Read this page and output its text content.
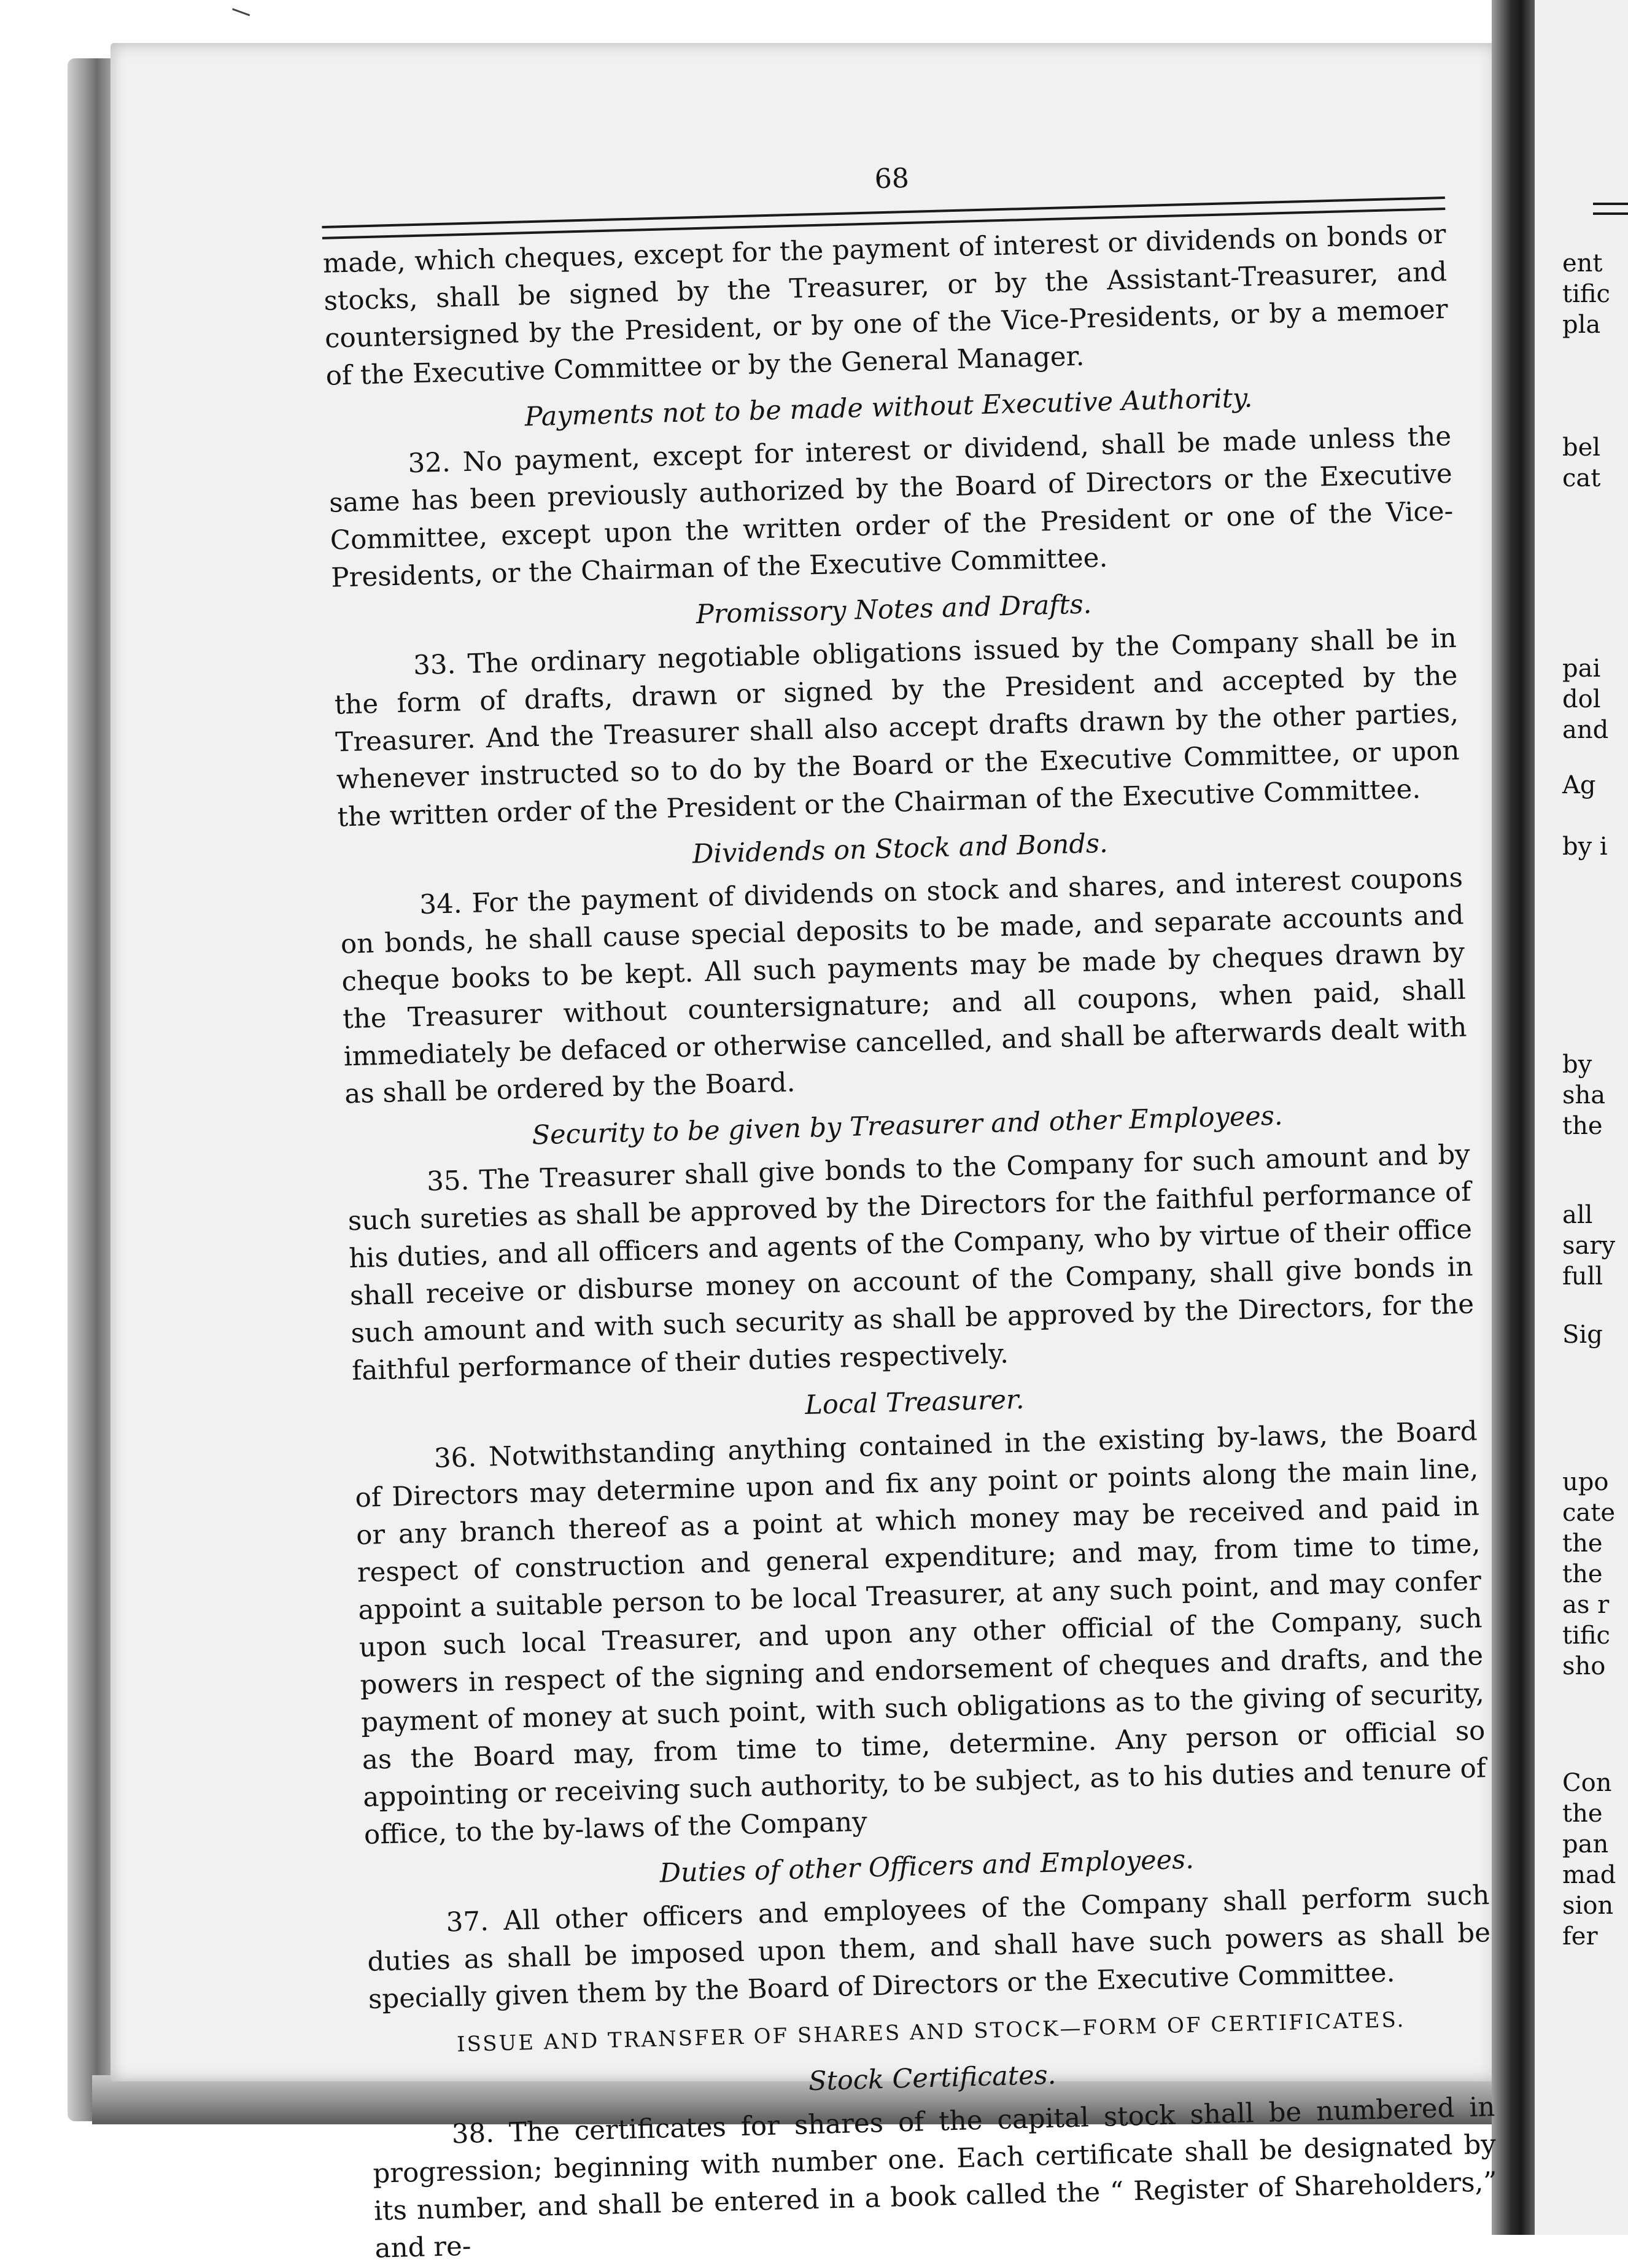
68

made, which cheques, except for the payment of interest or dividends on bonds or stocks, shall be signed by the Treasurer, or by the Assistant-Treasurer, and countersigned by the President, or by one of the Vice-Presidents, or by a memoer of the Executive Committee or by the General Manager.

Payments not to be made without Executive Authority.

32. No payment, except for interest or dividend, shall be made unless the same has been previously authorized by the Board of Directors or the Executive Committee, except upon the written order of the President or one of the Vice-Presidents, or the Chairman of the Executive Committee.

Promissory Notes and Drafts.

33. The ordinary negotiable obligations issued by the Company shall be in the form of drafts, drawn or signed by the President and accepted by the Treasurer. And the Treasurer shall also accept drafts drawn by the other parties, whenever instructed so to do by the Board or the Executive Committee, or upon the written order of the President or the Chairman of the Executive Committee.

Dividends on Stock and Bonds.

34. For the payment of dividends on stock and shares, and interest coupons on bonds, he shall cause special deposits to be made, and separate accounts and cheque books to be kept. All such payments may be made by cheques drawn by the Treasurer without countersignature; and all coupons, when paid, shall immediately be defaced or otherwise cancelled, and shall be afterwards dealt with as shall be ordered by the Board.

Security to be given by Treasurer and other Employees.

35. The Treasurer shall give bonds to the Company for such amount and by such sureties as shall be approved by the Directors for the faithful performance of his duties, and all officers and agents of the Company, who by virtue of their office shall receive or disburse money on account of the Company, shall give bonds in such amount and with such security as shall be approved by the Directors, for the faithful performance of their duties respectively.

Local Treasurer.

36. Notwithstanding anything contained in the existing by-laws, the Board of Directors may determine upon and fix any point or points along the main line, or any branch thereof as a point at which money may be received and paid in respect of construction and general expenditure; and may, from time to time, appoint a suitable person to be local Treasurer, at any such point, and may confer upon such local Treasurer, and upon any other official of the Company, such powers in respect of the signing and endorsement of cheques and drafts, and the payment of money at such point, with such obligations as to the giving of security, as the Board may, from time to time, determine. Any person or official so appointing or receiving such authority, to be subject, as to his duties and tenure of office, to the by-laws of the Company

Duties of other Officers and Employees.

37. All other officers and employees of the Company shall perform such duties as shall be imposed upon them, and shall have such powers as shall be specially given them by the Board of Directors or the Executive Committee.

ISSUE AND TRANSFER OF SHARES AND STOCK—FORM OF CERTIFICATES.
Stock Certificates.

38. The certificates for shares of the capital stock shall be numbered in progression; beginning with number one. Each certificate shall be designated by its number, and shall be entered in a book called the “ Register of Shareholders,” and re-

ent
tific
pla
bel
cat
pai
dol
and
Ag
by i
by
sha
the
all
sary
full
Sig
upo
cate
the
the
as r
tific
sho
Con
the
pan
mad
sion
fer
